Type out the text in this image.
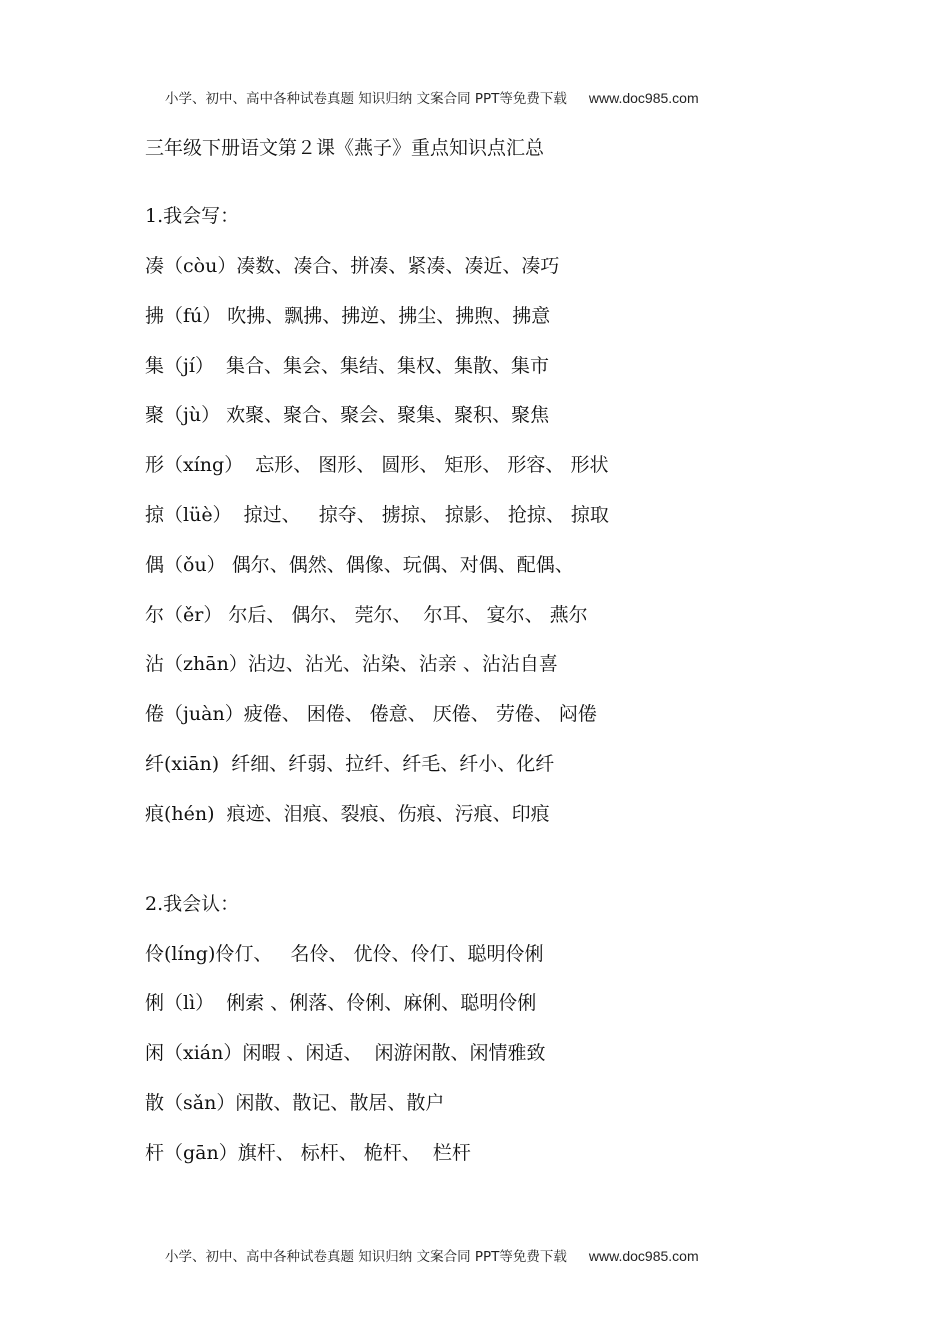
小学、初中、高中各种试卷真题 知识归纳 文案合同 PPT等免费下载 www.doc985.com
三年级下册语文第２课《燕子》重点知识点汇总
1.我会写：
凑（còu）凑数、凑合、拼凑、紧凑、凑近、凑巧
拂（fú） 吹拂、飘拂、拂逆、拂尘、拂煦、拂意
集（jí）  集合、集会、集结、集权、集散、集市
聚（jù） 欢聚、聚合、聚会、聚集、聚积、聚焦
形（xíng）  忘形、 图形、 圆形、 矩形、 形容、 形状
掠（lüè）  掠过、   掠夺、 掳掠、 掠影、 抢掠、 掠取
偶（ǒu） 偶尔、偶然、偶像、玩偶、对偶、配偶、
尔（ěr） 尔后、 偶尔、 莞尔、  尔耳、 宴尔、 燕尔
沾（zhān）沾边、沾光、沾染、沾亲 、沾沾自喜
倦（juàn）疲倦、 困倦、 倦意、 厌倦、 劳倦、 闷倦
纤(xiān)  纤细、纤弱、拉纤、纤毛、纤小、化纤
痕(hén)  痕迹、泪痕、裂痕、伤痕、污痕、印痕
2.我会认：
伶(líng)伶仃、   名伶、 优伶、伶仃、聪明伶俐
俐（lì）  俐索 、俐落、伶俐、麻俐、聪明伶俐
闲（xián）闲暇 、闲适、  闲游闲散、闲情雅致
散（sǎn）闲散、散记、散居、散户
杆（gān）旗杆、 标杆、 桅杆、  栏杆
小学、初中、高中各种试卷真题 知识归纳 文案合同 PPT等免费下载 www.doc985.com
